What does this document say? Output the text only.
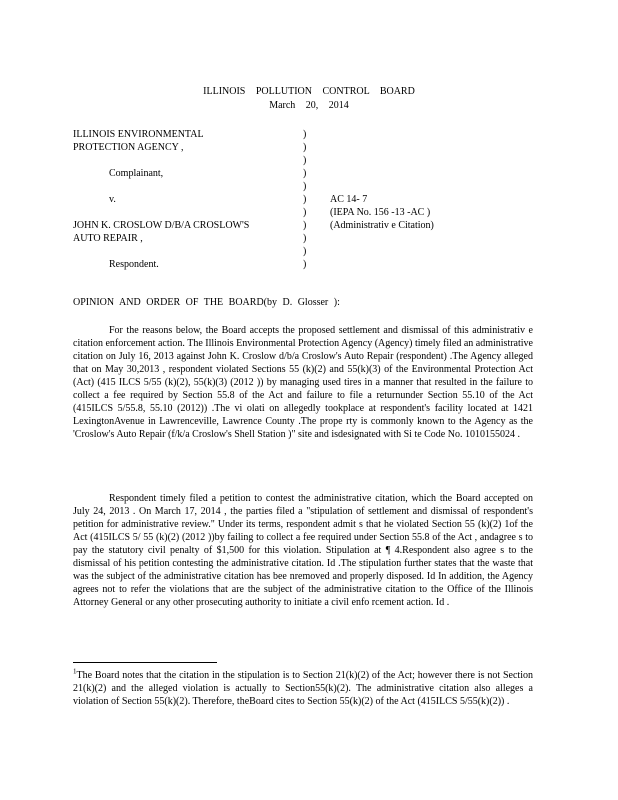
ILLINOIS POLLUTION CONTROL BOARD
March 20, 2014
ILLINOIS ENVIRONMENTAL
PROTECTION AGENCY ,
Complainant,
v.
JOHN K. CROSLOW D/B/A CROSLOW'S
AUTO REPAIR ,
Respondent.
)
)
)
)
)
)
)
)
)
)
)
AC 14- 7
(IEPA No. 156 -13 -AC )
(Administrativ e Citation)
OPINION AND ORDER OF THE BOARD(by D. Glosser ):

For the reasons below, the Board accepts the proposed settlement and dismissal of this administrativ e citation enforcement action. The Illinois Environmental Protection Agency (Agency) timely filed an administrative citation on July 16, 2013 against John K. Croslow d/b/a Croslow's Auto Repair (respondent) .The Agency alleged that on May 30,2013 , respondent violated Sections 55 (k)(2) and 55(k)(3) of the Environmental Protection Act (Act) (415 ILCS 5/55 (k)(2), 55(k)(3) (2012 )) by managing used tires in a manner that resulted in the failure to collect a fee required by Section 55.8 of the Act and failure to file a returnunder Section 55.10 of the Act (415ILCS 5/55.8, 55.10 (2012)) .The vi olati on allegedly tookplace at respondent's facility located at 1421 LexingtonAvenue in Lawrenceville, Lawrence County .The prope rty is commonly known to the Agency as the 'Croslow's Auto Repair (f/k/a Croslow's Shell Station )" site and isdesignated with Si te Code No. 1010155024 .

Respondent timely filed a petition to contest the administrative citation, which the Board accepted on July 24, 2013 . On March 17, 2014 , the parties filed a "stipulation of settlement and dismissal of respondent's petition for administrative review." Under its terms, respondent admit s that he violated Section 55 (k)(2) 1of the Act (415ILCS 5/ 55 (k)(2) (2012 ))by failing to collect a fee required under Section 55.8 of the Act , andagree s to pay the statutory civil penalty of $1,500 for this violation. Stipulation at ¶ 4.Respondent also agree s to the dismissal of his petition contesting the administrative citation. Id .The stipulation further states that the waste that was the subject of the administrative citation has bee nremoved and properly disposed. Id In addition, the Agency agrees not to refer the violations that are the subject of the administrative citation to the Office of the Illinois Attorney General or any other prosecuting authority to initiate a civil enfo rcement action. Id .

$^1$The Board notes that the citation in the stipulation is to Section 21(k)(2) of the Act; however there is not Section 21(k)(2) and the alleged violation is actually to Section55(k)(2). The administrative citation also alleges a violation of Section 55(k)(2). Therefore, theBoard cites to Section 55(k)(2) of the Act (415ILCS 5/55(k)(2)) .
